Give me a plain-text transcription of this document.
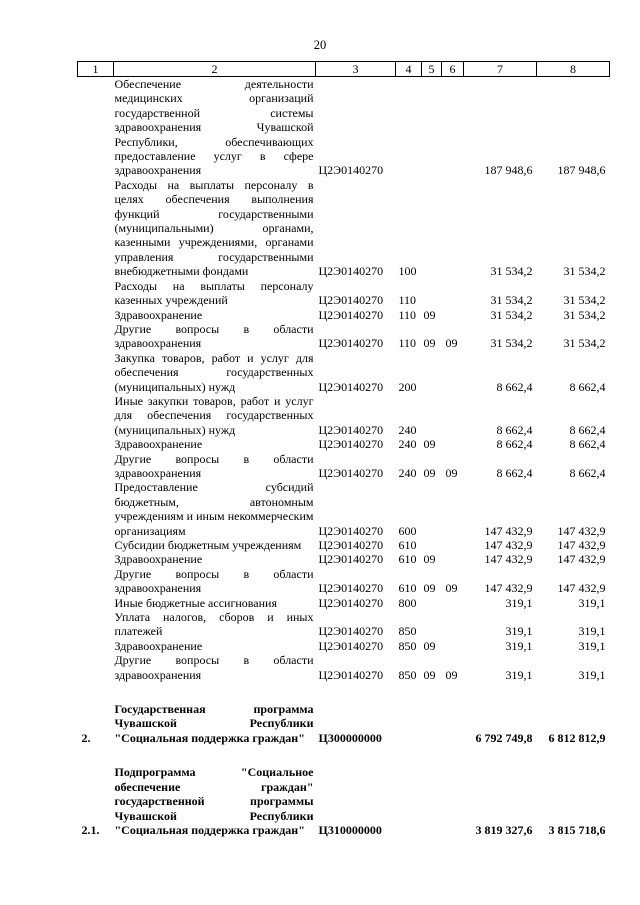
20
1	2	3	4	5	6	7	8

	Обеспечение деятельности медицинских организаций государственной системы здравоохранения Чувашской Республики, обеспечивающих предоставление услуг в сфере здравоохранения	Ц2Э0140270				187 948,6	187 948,6

	Расходы на выплаты персоналу в целях обеспечения выполнения функций государственными (муниципальными) органами, казенными учреждениями, органами управления государственными внебюджетными фондами	Ц2Э0140270	100			31 534,2	31 534,2

	Расходы на выплаты персоналу казенных учреждений	Ц2Э0140270	110			31 534,2	31 534,2

	Здравоохранение	Ц2Э0140270	110	09		31 534,2	31 534,2

	Другие вопросы в области здравоохранения	Ц2Э0140270	110	09	09	31 534,2	31 534,2

	Закупка товаров, работ и услуг для обеспечения государственных (муниципальных) нужд	Ц2Э0140270	200			8 662,4	8 662,4

	Иные закупки товаров, работ и услуг для обеспечения государственных (муниципальных) нужд	Ц2Э0140270	240			8 662,4	8 662,4

	Здравоохранение	Ц2Э0140270	240	09		8 662,4	8 662,4

	Другие вопросы в области здравоохранения	Ц2Э0140270	240	09	09	8 662,4	8 662,4

	Предоставление субсидий бюджетным, автономным учреждениям и иным некоммерческим организациям	Ц2Э0140270	600			147 432,9	147 432,9

	Субсидии бюджетным учреждениям	Ц2Э0140270	610			147 432,9	147 432,9

	Здравоохранение	Ц2Э0140270	610	09		147 432,9	147 432,9

	Другие вопросы в области здравоохранения	Ц2Э0140270	610	09	09	147 432,9	147 432,9

	Иные бюджетные ассигнования	Ц2Э0140270	800			319,1	319,1

	Уплата налогов, сборов и иных платежей	Ц2Э0140270	850			319,1	319,1

	Здравоохранение	Ц2Э0140270	850	09		319,1	319,1

	Другие вопросы в области здравоохранения	Ц2Э0140270	850	09	09	319,1	319,1

2.	Государственная программа Чувашской Республики "Социальная поддержка граждан"	Ц300000000				6 792 749,8	6 812 812,9

2.1.	Подпрограмма "Социальное обеспечение граждан" государственной программы Чувашской Республики "Социальная поддержка граждан"	Ц310000000				3 819 327,6	3 815 718,6
